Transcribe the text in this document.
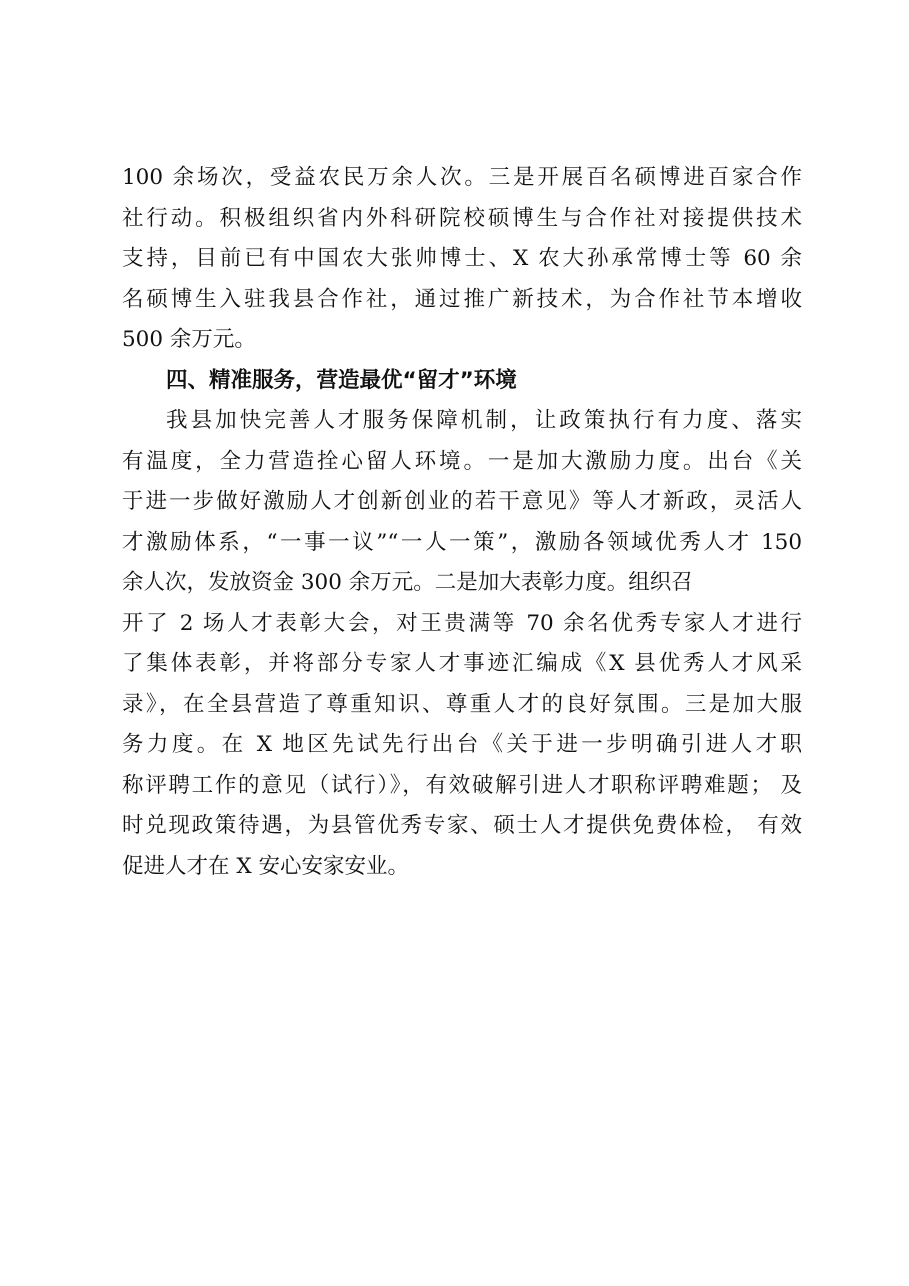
100 余场次，受益农民万余人次。三是开展百名硕博进百家合作
社行动。积极组织省内外科研院校硕博生与合作社对接提供技术
支持，目前已有中国农大张帅博士、X 农大孙承常博士等 60 余
名硕博生入驻我县合作社，通过推广新技术，为合作社节本增收
500 余万元。
四、精准服务，营造最优“留才”环境
我县加快完善人才服务保障机制，让政策执行有力度、落实
有温度，全力营造拴心留人环境。一是加大激励力度。出台《关
于进一步做好激励人才创新创业的若干意见》等人才新政，灵活人
才激励体系，“一事一议”“一人一策”，激励各领域优秀人才 150
余人次，发放资金 300 余万元。二是加大表彰力度。组织召
开了 2 场人才表彰大会，对王贵满等 70 余名优秀专家人才进行
了集体表彰，并将部分专家人才事迹汇编成《X 县优秀人才风采
录》，在全县营造了尊重知识、尊重人才的良好氛围。三是加大服
务力度。在 X 地区先试先行出台《关于进一步明确引进人才职
称评聘工作的意见（试行）》，有效破解引进人才职称评聘难题； 及
时兑现政策待遇，为县管优秀专家、硕士人才提供免费体检， 有效
促进人才在 X 安心安家安业。
